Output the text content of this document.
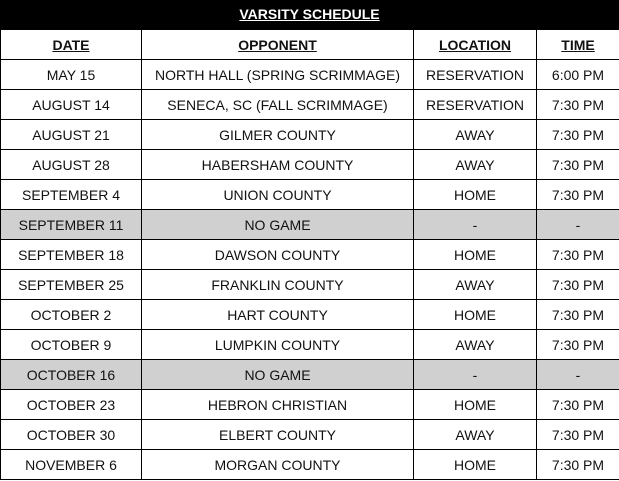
VARSITY SCHEDULE
DATE	OPPONENT	LOCATION	TIME
MAY 15	NORTH HALL (SPRING SCRIMMAGE)	RESERVATION	6:00 PM
AUGUST 14	SENECA, SC (FALL SCRIMMAGE)	RESERVATION	7:30 PM
AUGUST 21	GILMER COUNTY	AWAY	7:30 PM
AUGUST 28	HABERSHAM COUNTY	AWAY	7:30 PM
SEPTEMBER 4	UNION COUNTY	HOME	7:30 PM
SEPTEMBER 11	NO GAME	-	-
SEPTEMBER 18	DAWSON COUNTY	HOME	7:30 PM
SEPTEMBER 25	FRANKLIN COUNTY	AWAY	7:30 PM
OCTOBER 2	HART COUNTY	HOME	7:30 PM
OCTOBER 9	LUMPKIN COUNTY	AWAY	7:30 PM
OCTOBER 16	NO GAME	-	-
OCTOBER 23	HEBRON CHRISTIAN	HOME	7:30 PM
OCTOBER 30	ELBERT COUNTY	AWAY	7:30 PM
NOVEMBER 6	MORGAN COUNTY	HOME	7:30 PM
